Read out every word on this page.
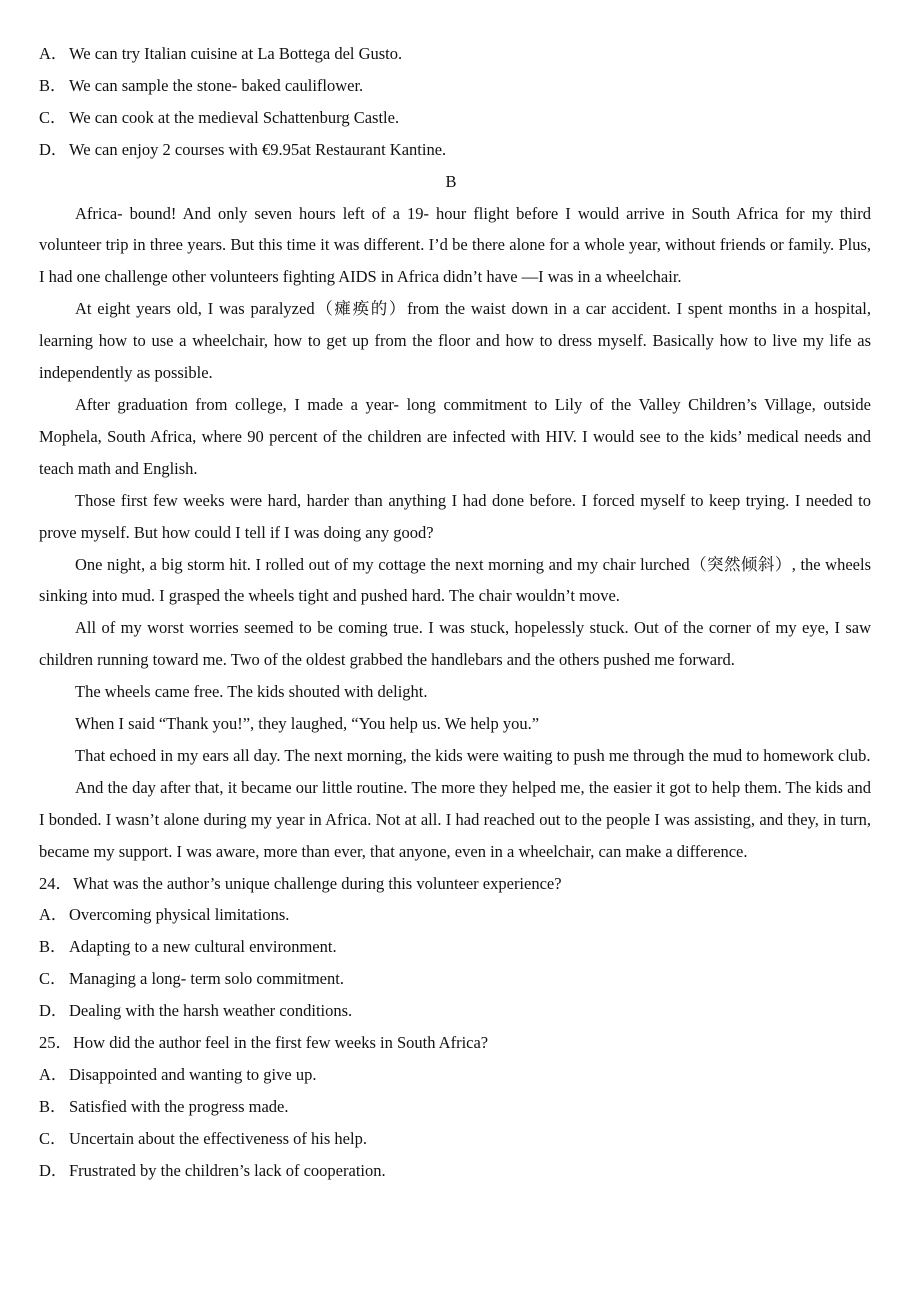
A．We can try Italian cuisine at La Bottega del Gusto.

B． We can sample the stone- baked cauliflower.

C． We can cook at the medieval Schattenburg Castle.

D．We can enjoy 2 courses with €9.95at Restaurant Kantine.

B

Africa- bound! And only seven hours left of a 19- hour flight before I would arrive in South Africa for my third volunteer trip in three years. But this time it was different. I’d be there alone for a whole year, without friends or family. Plus, I had one challenge other volunteers fighting AIDS in Africa didn’t have —I was in a wheelchair.

At eight years old, I was paralyzed（瘫痪的）from the waist down in a car accident. I spent months in a hospital, learning how to use a wheelchair, how to get up from the floor and how to dress myself. Basically how to live my life as independently as possible.

After graduation from college, I made a year- long commitment to Lily of the Valley Children’s Village, outside Mophela, South Africa, where 90 percent of the children are infected with HIV. I would see to the kids’ medical needs and teach math and English.

Those first few weeks were hard, harder than anything I had done before. I forced myself to keep trying. I needed to prove myself. But how could I tell if I was doing any good?

One night, a big storm hit. I rolled out of my cottage the next morning and my chair lurched（突然倾斜）, the wheels sinking into mud. I grasped the wheels tight and pushed hard. The chair wouldn’t move.

All of my worst worries seemed to be coming true. I was stuck, hopelessly stuck. Out of the corner of my eye, I saw children running toward me. Two of the oldest grabbed the handlebars and the others pushed me forward.

The wheels came free. The kids shouted with delight.

When I said “Thank you!”, they laughed, “You help us. We help you.”

That echoed in my ears all day. The next morning, the kids were waiting to push me through the mud to homework club.

And the day after that, it became our little routine. The more they helped me, the easier it got to help them. The kids and I bonded. I wasn’t alone during my year in Africa. Not at all. I had reached out to the people I was assisting, and they, in turn, became my support. I was aware, more than ever, that anyone, even in a wheelchair, can make a difference.

24．What was the author’s unique challenge during this volunteer experience?

A．Overcoming physical limitations.

B． Adapting to a new cultural environment.

C． Managing a long- term solo commitment.

D．Dealing with the harsh weather conditions.

25．How did the author feel in the first few weeks in South Africa?

A．Disappointed and wanting to give up.

B． Satisfied with the progress made.

C． Uncertain about the effectiveness of his help.

D．Frustrated by the children’s lack of cooperation.
